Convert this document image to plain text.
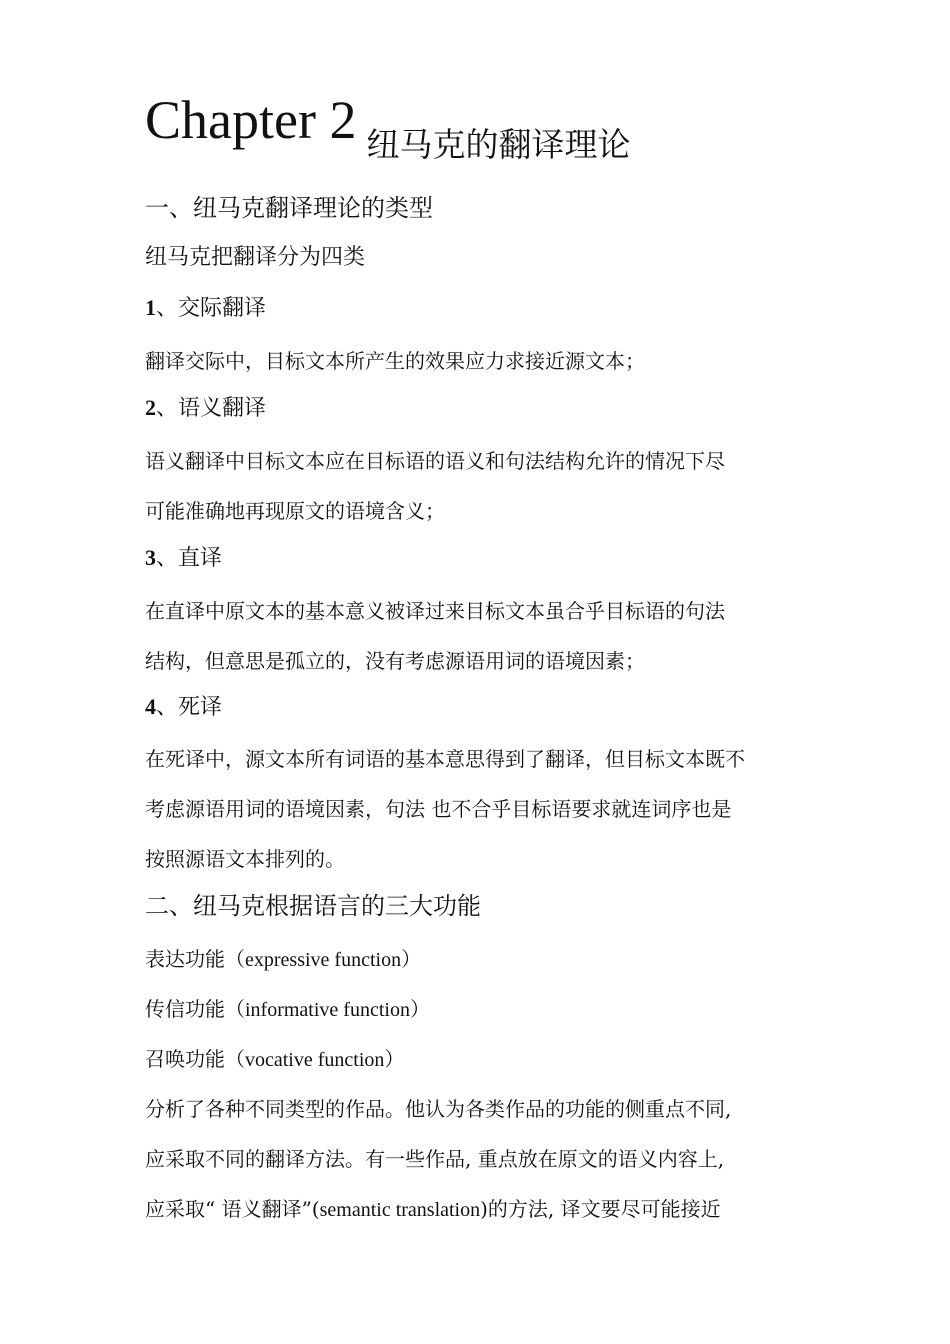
Chapter 2 纽马克的翻译理论
一、纽马克翻译理论的类型
纽马克把翻译分为四类
1、交际翻译
翻译交际中，目标文本所产生的效果应力求接近源文本；
2、语义翻译
语义翻译中目标文本应在目标语的语义和句法结构允许的情况下尽
可能准确地再现原文的语境含义；
3、直译
在直译中原文本的基本意义被译过来目标文本虽合乎目标语的句法
结构，但意思是孤立的，没有考虑源语用词的语境因素；
4、死译
在死译中，源文本所有词语的基本意思得到了翻译，但目标文本既不
考虑源语用词的语境因素，句法 也不合乎目标语要求就连词序也是
按照源语文本排列的。
二、纽马克根据语言的三大功能
表达功能（expressive function）
传信功能（informative function）
召唤功能（vocative function）
分析了各种不同类型的作品。他认为各类作品的功能的侧重点不同,
应采取不同的翻译方法。有一些作品, 重点放在原文的语义内容上,
应采取“ 语义翻译”(semantic translation)的方法, 译文要尽可能接近
